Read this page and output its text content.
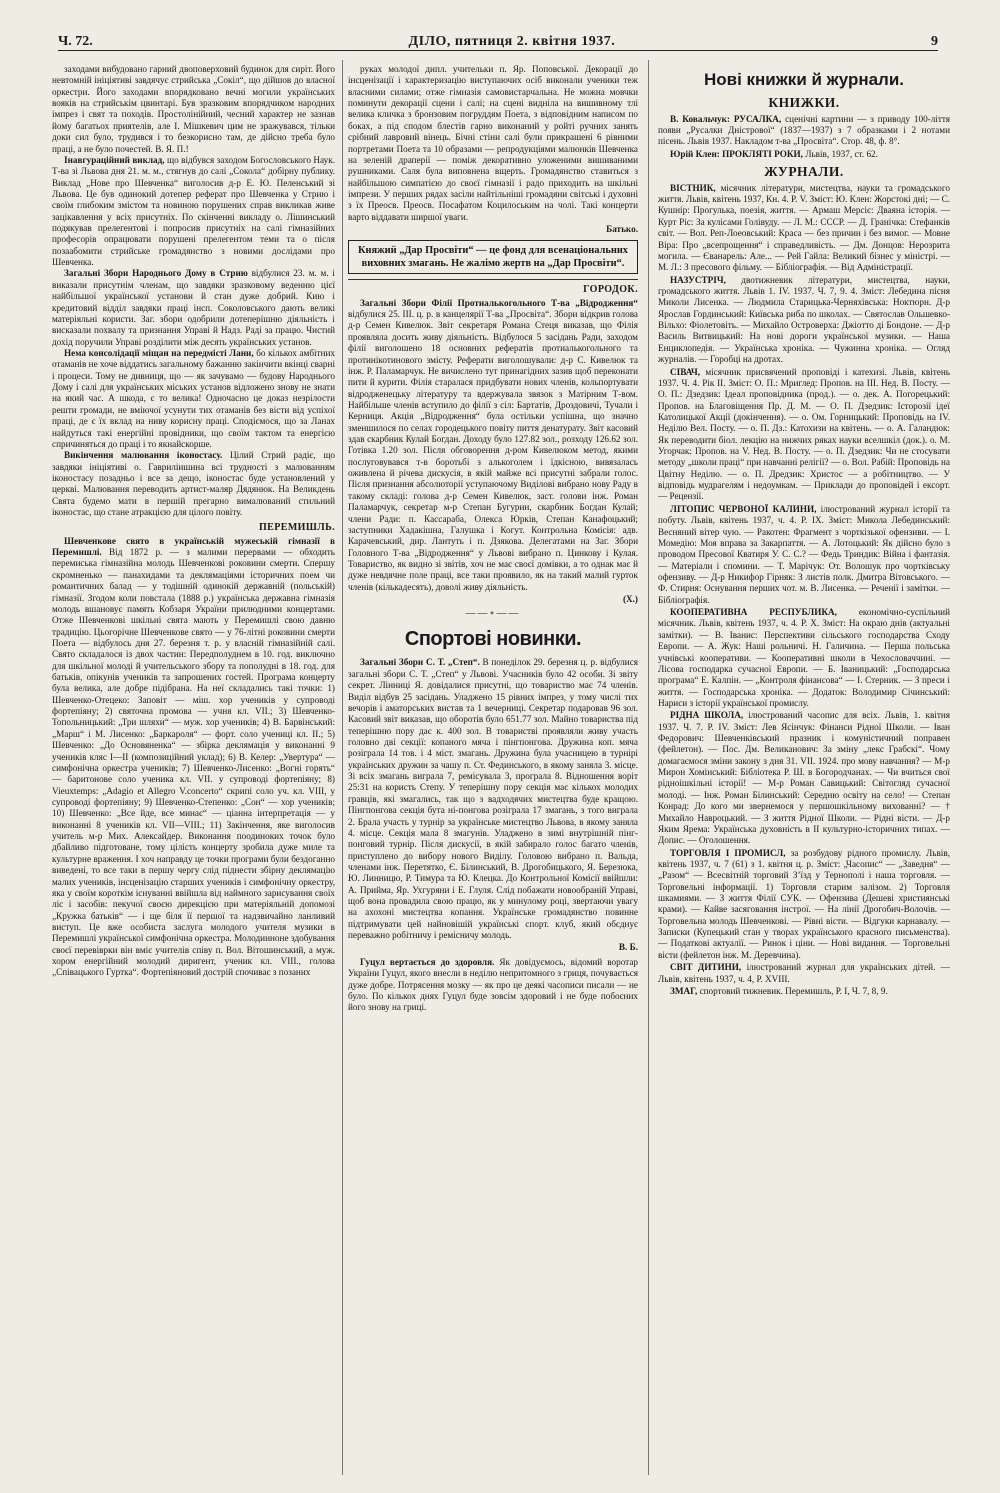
Ч. 72.	ДІЛО, пятниця 2. квітня 1937.	9

заходами вибудовано гарний двоповерховий будинок для сиріт. Його невтомній ініціятиві завдячує стрийська „Сокіл“, що дійшов до власної оркестри. Його заходами впорядковано вечні могили українських вояків на стрийськім цвинтарі. Був зразковим впорядчиком народних імпрез і свят та походів. Простолінійний, чесний характер не зазнав йому багатьох приятелів, але І. Мішкевич цим не зражувався, тільки доки сил було, трудився і то безкорисно там, де дійсно треба було праці, а не було почестей. В. Я. П.!

Інавгураційний виклад, що відбувся заходом Богословського Наук. Т-ва зі Львова дня 21. м. м., стягнув до салі „Сокола“ добірну публику. Виклад „Нове про Шевченка“ виголосив д-р Е. Ю. Пеленський зі Львова. Це був одинокий дотепер реферат про Шевченка у Стрию і своїм глибоким змістом та новиною порушених справ викликав живе зацікавлення у всіх присутніх. По скінченні викладу о. Лішинський подякував прелегентові і попросив присутніх на салі гімназійних професорів опрацювати порушені прелегентом теми та о після позаабомити стрийське громадянство з новими дослідами про Шевченка.

Загальні Збори Народнього Дому в Стрию відбулися 23. м. м. і виказали присутнім членам, що завдяки зразковому веденню цієї найбільшої української установи й стан дуже добрий. Кию і кредитовий відділ завдяки праці інсп. Соколовського дають великі матеріяльні користи. Заг. збори одобрили дотеперішню діяльність і висказали похвалу та признання Управі й Надз. Раді за працю. Чистий дохід поручили Управі розділити між десять українських установ.

Нема консолідації міщан на передмісті Лани, бо кількох амбітних отаманів не хоче віддатись загальному бажанню закінчити вкінці сварні і процеси. Тому не дивниця, що — як зачувамо — будову Народнього Дому і салі для українських міських установ відложено знову не знати на який час. А шкода, є то велика! Одночасно це доказ незрілости решти громади, не вміючої усунути тих отаманів без вісти від успіхої праці, де є їх вклад на ниву корисну праці. Сподіємося, що за Ланах найдуться такі енергійні провідники, що своїм тактом та енергією спричиняться до праці і то якнайскорше.

Викінчення малювання іконостасу. Цілий Стрий радіє, що завдяки ініціятиві о. Гавриліишина всі трудності з малюванням іконостасу позадньо і все за дещо, іконостас буде установлений у церкві. Малювання переводить артист-маляр Дядянюк. На Великдень Свята будемо мати в першій прегарно вималюваний стильний іконостас, що стане атракцією для цілого повіту.

ПЕРЕМИШЛЬ.

Шевченкове свято в українській мужеській гімназії в Перемишлі. Від 1872 р. — з малими перервами — обходить перемиська гімназійна молодь Шевченкові роковини смерти. Спершу скромненько — панахидами та деклямаціями історичних поем чи романтичних балад — у тодішній одинокій державній (польській) гімназії. Згодом коли повстала (1888 р.) українська державна гімназія молодь вшановує память Кобзаря України прилюдними концертами. Отже Шевченкові шкільні свята мають у Перемишлі свою давню традицію. Цьогорічне Шевченкове свято — у 76-літні роковини смерти Поета — відбулось дня 27. березня т. р. у власній гімназійній салі. Свято складалося із двох частин: Передполуднем в 10. год. виключно для шкільної молоді й учительського збору та пополудні в 18. год. для батьків, опікунів учеників та запрошених гостей. Програма концерту була велика, але добре підібрана. На неї складались такі точки: 1) Шевченко-Отецеко: Заповіт — міш. хор учеників у супроводі фортепіяну; 2) святочна промова — учня кл. VII.; 3) Шевченко-Топольницький: „Три шляхи“ — муж. хор учеників; 4) В. Барвінський: „Марш“ і М. Лисенко: „Баркароля“ — форт. соло учениці кл. II.; 5) Шевченко: „До Основяненка“ — збірка деклямація у виконанні 9 учеників кляс I—II (композиційний уклад); 6) В. Келер: „Увертура“ — симфонічна оркестра учеників; 7) Шевченко-Лисенко: „Вогні горять“ — баритонове соло ученика кл. VII. у супроводі фортепіяну; 8) Vieuxtemps: „Adagio et Allegro V.concerto“ скрипі соло уч. кл. VIII, у супроводі фортепіяну; 9) Шевченко-Степенко: „Сон“ — хор учеників; 10) Шевченко: „Все йде, все минає“ — ціанна інтерпретація — у виконанні 8 учеників кл. VII—VIII.; 11) Закінчення, яке виголосив учитель м-р Мих. Алексайдер. Виконання поодиноких точок було дбайливо підготоване, тому цілість концерту зробила дуже миле та культурне враження. І хоч направду це точки програми були бездоганно виведені, то все таки в першу чергу слід піднести збірну деклямацію малих учеників, інсценізацію старших учеників і симфонічну оркестру, яка у своїм короткім існуванні ввійшла від наймного зарисування своїх ліс і засобів: пекучої своєю дирекцією при матеріяльній допомозі „Кружка батьків“ — і ще біля її першої та надзвичайно ланливий виступ. Це вже особиста заслуга молодого учителя музики в Перемишлі української симфонічна оркестра. Молодинноне здобування своєї перевіврки він вміє учителів співу п. Вол. Вітошинський, а муж. хором енергійний молодий диригент, ученик кл. VIII., голова „Співацького Гуртка“. Фортепіяновий дострій спочиває з позаних

руках молодої дипл. учительки п. Яр. Поповської. Декорації до інсценізації і характеризацію виступаючих осіб виконали ученики теж власними силами; отже гімназія самовистарчальна. Не можна мовчки поминути декорації сцени і салі; на сцені видніла на вишивному тлі велика кличка з бронзовим погруддям Поета, з відповідним написом по боках, а під сподом блестів гарно виконаний у ройті ручних занять срібний лавровий вінець. Бічні стіни салі були прикрашені 6 рівними портретами Поета та 10 образами — репродукціями малюнків Шевченка на зеленій драперії — поміж декоративно уложеними вишиваними рушниками. Саля була виповнена вщерть. Громадянство ставиться з найбільшою симпатією до своєї гімназії і радо приходить на шкільні імпрези. У перших рядах засіли найтільніші громадяни світські і духовні з їх Преосв. Преосв. Посафатом Коцилоським на чолі. Такі концерти варто віддавати ширшої уваги.

Батько.
Княжий „Дар Просвіти“ — це фонд для всенаціональних виховних змагань. Не жалімо жертв на „Дар Просвіти“.
ГОРОДОК.

Загальні Збори Філії Протиалькогольного Т-ва „Відродження“ відбулися 25. ІІІ. ц. р. в канцелярії Т-ва „Просвіта“. Збори відкрив голова д-р Семен Кивелюк. Звіт секретаря Романа Стеця виказав, що Філія проявляла досить живу діяльність. Відбулося 5 засідань Ради, заходом філії виголошено 18 основних рефератів протиалькогольного та протинікотинового змісту. Реферати виголошували: д-р С. Кивелюк та інж. Р. Паламарчук. Не вичислено тут принагідних зазив щоб переконати пити й курити. Філія старалася придбувати нових членів, кольпортувати відродженецьку літературу та вдержувала звязок з Матірним Т-вом. Найбільше членів вступило до філії з сіл: Бартатів, Дроздовичі, Тучали і Керниця. Акція „Відродження“ була остільки успішна, що значно зменшилося по селах городецького повіту пиття денатурату. Звіт касовий здав скарбник Кулай Богдан. Доходу було 127.82 зол., розходу 126.62 зол. Готівка 1.20 зол. Після обговорення д-ром Кивелюком метод, якими послуговувався т-в боротьбі з алькоголем і їдкісною, вивязалась оживлена й річева дискусія, в якій майже всі присутні забрали голос. Після признання абсолюторії уступаючому Виділові вибрано нову Раду в такому складі: голова д-р Семен Кивелюк, заст. голови інж. Роман Паламарчук, секретар м-р Степан Бугурин, скарбник Богдан Кулай; члени Ради: п. Кассараба, Олекса Юрків, Степан Канафоцький; заступники Хадакішна, Галушка і Когут. Контрольна Комісія: адв. Карачевський, дир. Лантуть і п. Дзякова. Делегатами на Заг. Збори Головного Т-ва „Відродження“ у Львові вибрано п. Цинкову і Кулая. Товариство, як видно зі звітів, хоч не має своєї домівки, а то однак має й дуже невдячне поле праці, все таки проявило, як на такий малий гурток членів (кількадесять), доволі живу діяльність.

(Х.)
——∘——
Спортові новинки.

Загальні Збори С. Т. „Степ“. В понеділок 29. березня ц. р. відбулися загальні збори С. Т. „Степ“ у Львові. Учасників було 42 особи. Зі звіту секрет. Лінниці Я. довідалися присутні, що товариство має 74 членів. Виділ відбув 25 засідань. Уладжено 15 рівних імпрез, у тому числі тих вечорів і аматорських вистав та 1 вечерниці. Секретар подаровав 96 зол. Касовий звіт виказав, що оборотів було 651.77 зол. Майно товариства під теперішню пору дає к. 400 зол. В товаристві проявляли живу участь головно дві секції: копаного мяча і пінгпонгова. Дружина коп. мяча розіграла 14 тов. і 4 міст. змагань. Дружина була учасницею в турнірі українських дружин за чашу п. Ст. Фединського, в якому заняла 3. місце. Зі всіх змагань виграла 7, ремісувала 3, програла 8. Відношення воріт 25:31 на користь Степу. У теперішну пору секція має кількох молодих гравців, які змагались, так що з вадходячих мистецтва буде кращою. Пінгпонгова секція бута ні-понгова розіграла 17 змагань, з того виграла 2. Брала участь у турнір за українське мистецтво Львова, в якому заняла 4. місце. Секція мала 8 змагунів. Уладжено в зимі внутрішній пінг-понговий турнір. Після дискусії, в якій забирало голос багато членів, приступлено до вибору нового Виділу. Головою вибрано п. Вальда, членами інж. Перетятко, Є. Білинський, В. Дрогобицького, Я. Березюка, Ю. Линницю, Р. Тимура та Ю. Клецка. До Контрольної Комісії ввійшли: А. Прийма, Яр. Ухгуряни і Е. Глуля. Слід побажати новообраній Управі, щоб вона провадила свою працю, як у минулому році, звертаючи увагу на ахохоні мистецтва копання. Українське громадянство повинне підтримувати цей найновішій українські спорт. клуб, який обєднує переважно робітничу і ремісничу молодь.

В. Б.

Гуцул вертається до здоровля. Як довідуємось, відомий воротар України Гуцул, якого внесли в неділю непритомного з гриця, почувається дуже добре. Потрясення мозку — як про це деякі часописи писали — не було. По кількох днях Гуцул буде зовсім здоровий і не буде побоєних його знову на гриці.

Нові книжки й журнали.
КНИЖКИ.

В. Ковальчук: РУСАЛКА, сценічні картини — з приводу 100-ліття появи „Русалки Дністрової“ (1837—1937) з 7 образками і 2 нотами пісень. Львів 1937. Накладом т-ва „Просвіта“. Стор. 48, ф. 8°.

Юрій Клен: ПРОКЛЯТІ РОКИ, Львів, 1937, ст. 62.

ЖУРНАЛИ.

ВІСТНИК, місячник літератури, мистецтва, науки та громадського життя. Львів, квітень 1937, Кн. 4. Р. V. Зміст: Ю. Клен: Жорстокі дні; — С. Кушнір: Прогулька, поезія, життя. — Армаш Мерсіє: Дваяна історія. — Курт Ріс: За кулісами Голівуду. — Л. М.: СССР. — Д. Гранічка: Стефанків світ. — Вол. Реп-Лоеовський: Краса — без причин і без вимог. — Мовне Віра: Про „всепрощення“ і справедливість. — Дм. Донцов: Нерозрита могила. — Єванарель: Але... — Рей Гайла: Великий бізнес у міністрі. — М. Л.: З пресового фільму. — Бібліографія. — Від Адміністрації.

НАЗУСТРІЧ, двотижневик літератури, мистецтва, науки, громадського життя. Львів 1. IV. 1937. Ч. 7, 9. 4. Зміст: Лебедина пісня Миколи Лисенка. — Людмила Старицька-Черняхівська: Ноктюрн. Д-р Ярослав Гординський: Київська риба по школах. — Святослав Ольшевко-Вільхо: Фіолетовіть. — Михайло Островерха: Джіотто ді Бондоне. — Д-р Василь Витвицький: На нові дороги української музики. — Наша Енциклопедія. — Українська хроніка. — Чужинна хроніка. — Огляд журналів. — Горобці на дротах.

СІВАЧ, місячник присвячений проповіді і катехизі. Львів, квітень 1937. Ч. 4. Рік ІІ. Зміст: О. П.: Мриглед: Пропов. на ІІІ. Нед. В. Посту. — О. П.: Дзедзик: Ідеал проповідника (прод.). — о. дек. А. Погорецький: Пропов. на Благовіщення Пр. Д. М. — О. П. Дзедзик: Історозії ідеї Католицької Акції (докінчення). — о. Ом. Горницький: Проповідь на IV. Неділю Вел. Посту. — о. П. Дз.: Катохизи на квітень. — о. А. Галандюк: Як переводити біол. лекцію на нижчих ряках науки вселшкіл (док.). о. М. Угорчак: Пропов. на V. Нед. В. Посту. — о. П. Дзедзик: Чи не стосувати методу „школи праці“ при навчанні релігії? — о. Вол. Рабій: Проповідь на Цвітну Неділю. — о. П. Дредзик: Христос — а робітництво. — У відповідь мудрагелям і недоумкам. — Приклади до проповідей і ексорт. — Рецензії.

ЛІТОПИС ЧЕРВОНОЇ КАЛИНИ, ілюстрований журнал історії та побуту. Львів, квітень 1937, ч. 4. Р. IX. Зміст: Микола Лебединський: Весняний вітер чую. — Ракотен: Фрагмент з чорткізької офензиви. — І. Момедію: Моя вправа за Закарпаття. — А. Лотоцький: Як дійсно було з проводом Пресової Кватиря У. С. С.? — Федь Триндик: Війна і фантазія. — Матеріали і спомини. — Т. Марічук: От. Волошук про чортківську офензиву. — Д-р Никифор Гірняк: З листів полк. Дмитра Вітовського. — Ф. Стирня: Оснування перших чот. м. В. Лисенка. — Реченії і замітки. — Бібліографія.

КООПЕРАТИВНА РЕСПУБЛИКА, економічно-суспільний місячник. Львів, квітень 1937, ч. 4. Р. Х. Зміст: На окраю днів (актуальні замітки). — В. Іванис: Перспективи сільського господарства Сходу Европи. — А. Жук: Наші рольничі. Н. Галичина. — Перша польська учнівські кооперативи. — Кооперативні школи в Чехословаччині. — Лісова господарка сучасної Европи. — Б. Іваницький: „Господарська програма“ Е. Калпін. — „Контроля фінансова“ — І. Стерник. — З преси і життя. — Господарська хроніка. — Додаток: Володимир Січинський: Нариси з історії української промислу.

РІДНА ШКОЛА, ілюстрований часопис для всіх. Львів, 1. квітня 1937. Ч. 7. Р. IV. Зміст: Лев Ясінчук: Фінанси Рідної Школи. — Іван Федорович: Шевченківський празник і комуністичний поправен (фейлетон). — Пос. Дм. Великанович: За зміну „лекс Грабскі“. Чому домагаємося зміни закону з дня 31. VII. 1924. про мову навчання? — М-р Мирон Хомінський: Бібліотека Р. Ш. в Богородчанах. — Чи вчиться свої рідноішкільні історії! — М-р Роман Савицький: Світогляд сучасної молоді. — Інж. Роман Білинський: Середню освіту на село! — Степан Конрад: До кого ми звернемося у першошкільному вихованні? — † Михайло Навроцький. — З життя Рідної Школи. — Рідні вісти. — Д-р Яким Ярема: Українська духовність в II культурно-історичних типах. — Допис. — Оголошення.

ТОРГОВЛЯ І ПРОМИСЛ, за розбудову рідного промислу. Львів, квітень 1937, ч. 7 (61) з 1. квітня ц. р. Зміст: „Часопис“ — „Заведня“ — „Разом“ — Всесвітній торговий З’їзд у Тернополі і наша торговля. — Торговельні інформації. 1) Торговля старим залізом. 2) Торговля шкамиями. — З життя Філії СУК. — Офензива (Дешеві християнські крами). — Кайве засяговання інстрої. — На лінії Дрогобич-Волочів. — Торговельна молодь Шевченкові. — Рівні вісти. — Відгуки карнавалу. — Записки (Купецький стан у творах українського красного письменства). — Податкові актуалії. — Ринок і ціни. — Нові видання. — Торговельні вісти (фейлетон інж. М. Деревчина).

СВІТ ДИТИНИ, ілюстрований журнал для українських дітей. — Львів, квітень 1937, ч. 4, Р. XVIII.

ЗМАГ, спортовий тижневик. Перемишль, Р. І, Ч. 7, 8, 9.
